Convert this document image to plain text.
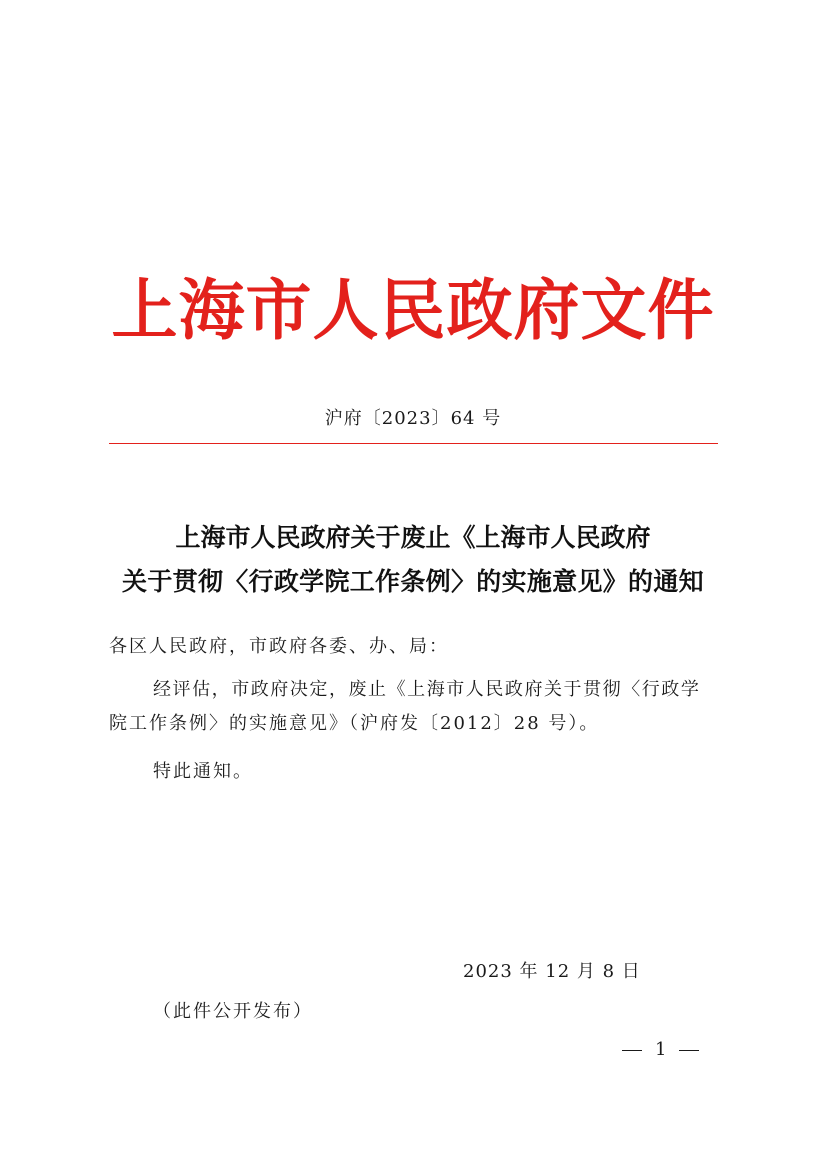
上海市人民政府文件
沪府〔2023〕64 号
上海市人民政府关于废止《上海市人民政府
关于贯彻〈行政学院工作条例〉的实施意见》的通知
各区人民政府，市政府各委、办、局：
经评估，市政府决定，废止《上海市人民政府关于贯彻〈行政学
院工作条例〉的实施意见》（沪府发〔2012〕28 号）。
特此通知。
2023 年 12 月 8 日
（此件公开发布）
1
